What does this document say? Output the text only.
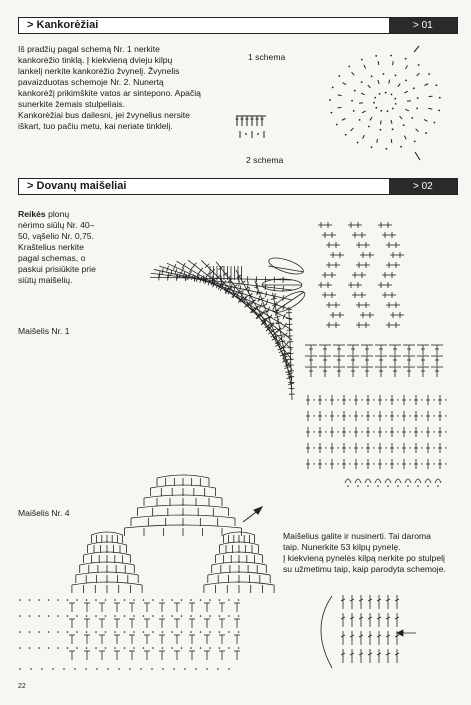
> Kankorėžiai	> 01
Iš pradžių pagal schemą Nr. 1 nerkite
kankorėžio tinklą. Į kiekvieną dvieju kilpų
lankelį nerkite kankorėžio žvynelį. Žvynelis
pavaizduotas schemoje Nr. 2. Nunertą
kankorėžį prikimškite vatos ar sintepono. Apačią
sunerkite žemais stulpeliais.
Kankorėžiai bus dailesni, jei žvynelius nersite
iškart, tuo pačiu metu, kai neriate tinklelį.
1 schema
2 schema
> Dovanų maišeliai	> 02
Reikės plonų
nėrimo siūlų Nr. 40–
50, vąšelio Nr. 0,75.
Kraštelius nerkite
pagal schemas, o
paskui prisiūkite prie
siūtų maišelių.
Maišelis Nr. 1
Maišelis Nr. 4
Maišelius galite ir nusinerti. Tai daroma
taip. Nunerkite 53 kilpų pynelę.
Į kiekvieną pynelės kilpą nerkite po stulpelį
su užmetimu taip, kaip parodyta schemoje.
22
